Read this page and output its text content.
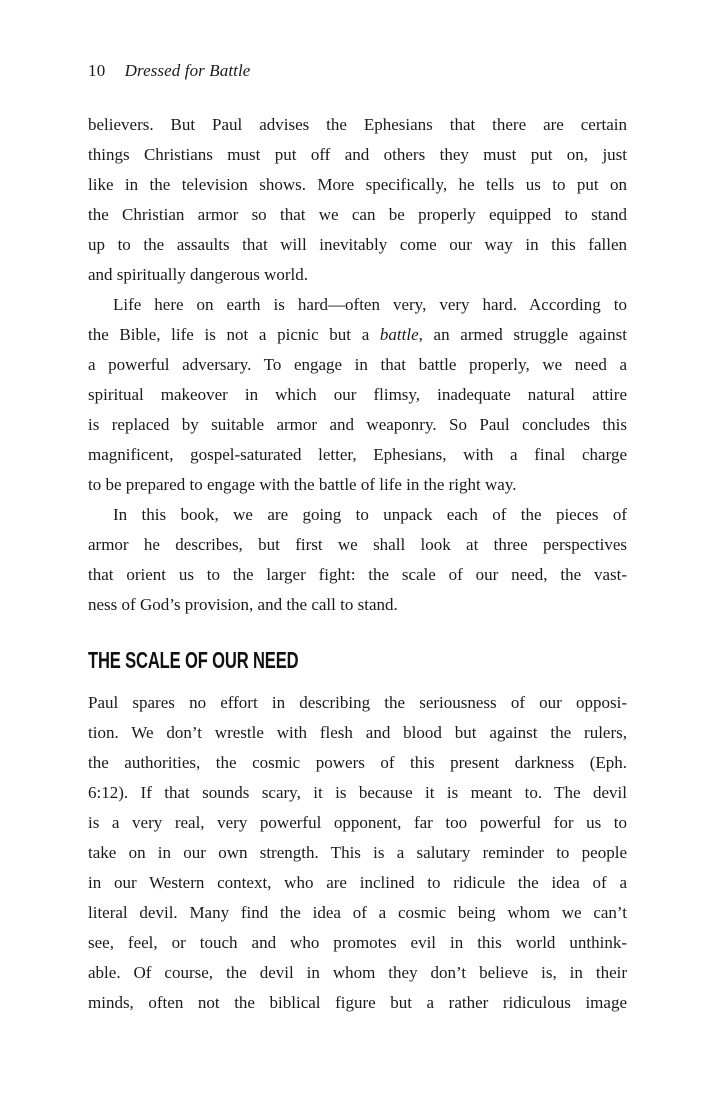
10 Dressed for Battle
believers. But Paul advises the Ephesians that there are certain
things Christians must put off and others they must put on, just
like in the television shows. More specifically, he tells us to put on
the Christian armor so that we can be properly equipped to stand
up to the assaults that will inevitably come our way in this fallen
and spiritually dangerous world.
Life here on earth is hard—often very, very hard. According to
the Bible, life is not a picnic but a battle, an armed struggle against
a powerful adversary. To engage in that battle properly, we need a
spiritual makeover in which our flimsy, inadequate natural attire
is replaced by suitable armor and weaponry. So Paul concludes this
magnificent, gospel-saturated letter, Ephesians, with a final charge
to be prepared to engage with the battle of life in the right way.
In this book, we are going to unpack each of the pieces of
armor he describes, but first we shall look at three perspectives
that orient us to the larger fight: the scale of our need, the vast-
ness of God’s provision, and the call to stand.
THE SCALE OF OUR NEED
Paul spares no effort in describing the seriousness of our opposi-
tion. We don’t wrestle with flesh and blood but against the rulers,
the authorities, the cosmic powers of this present darkness (Eph.
6:12). If that sounds scary, it is because it is meant to. The devil
is a very real, very powerful opponent, far too powerful for us to
take on in our own strength. This is a salutary reminder to people
in our Western context, who are inclined to ridicule the idea of a
literal devil. Many find the idea of a cosmic being whom we can’t
see, feel, or touch and who promotes evil in this world unthink-
able. Of course, the devil in whom they don’t believe is, in their
minds, often not the biblical figure but a rather ridiculous image
